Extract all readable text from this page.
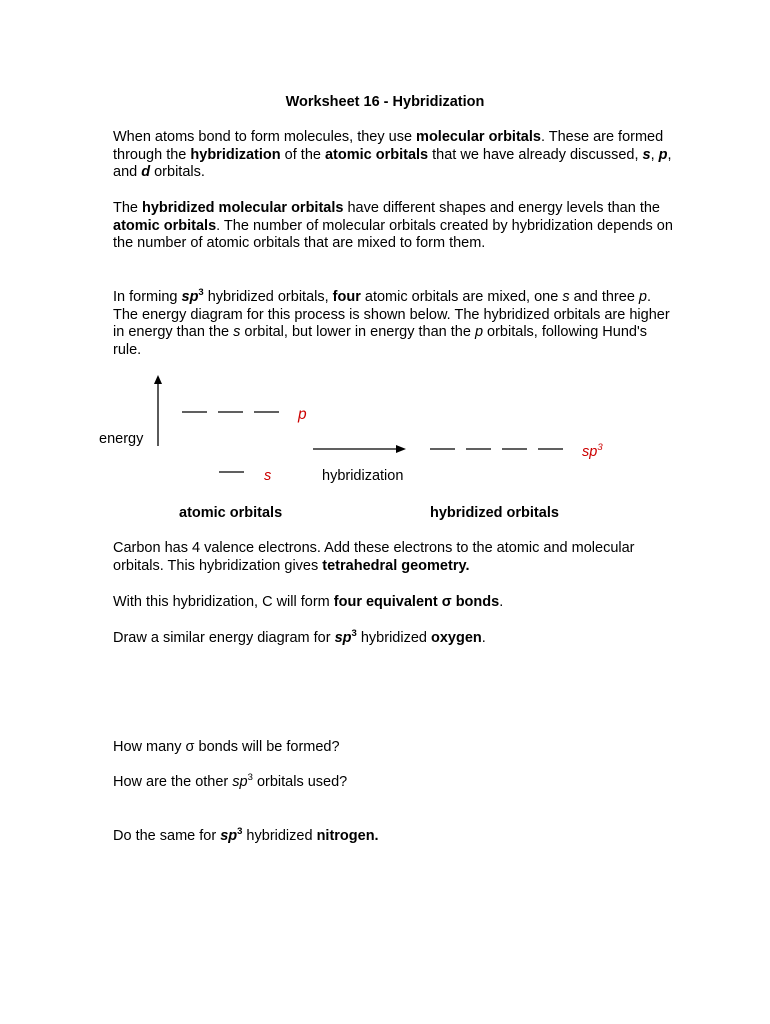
Worksheet 16 - Hybridization
When atoms bond to form molecules, they use molecular orbitals. These are formed through the hybridization of the atomic orbitals that we have already discussed, s, p, and d orbitals.
The hybridized molecular orbitals have different shapes and energy levels than the atomic orbitals. The number of molecular orbitals created by hybridization depends on the number of atomic orbitals that are mixed to form them.
In forming $sp^3$ hybridized orbitals, four atomic orbitals are mixed, one s and three p. The energy diagram for this process is shown below. The hybridized orbitals are higher in energy than the s orbital, but lower in energy than the p orbitals, following Hund's rule.
energy
p
s
$sp^3$
hybridization
atomic orbitals	hybridized orbitals
Carbon has 4 valence electrons. Add these electrons to the atomic and molecular orbitals. This hybridization gives tetrahedral geometry.
With this hybridization, C will form four equivalent σ bonds.
Draw a similar energy diagram for $sp^3$ hybridized oxygen.
How many σ bonds will be formed?
How are the other $sp^3$ orbitals used?
Do the same for $sp^3$ hybridized nitrogen.
